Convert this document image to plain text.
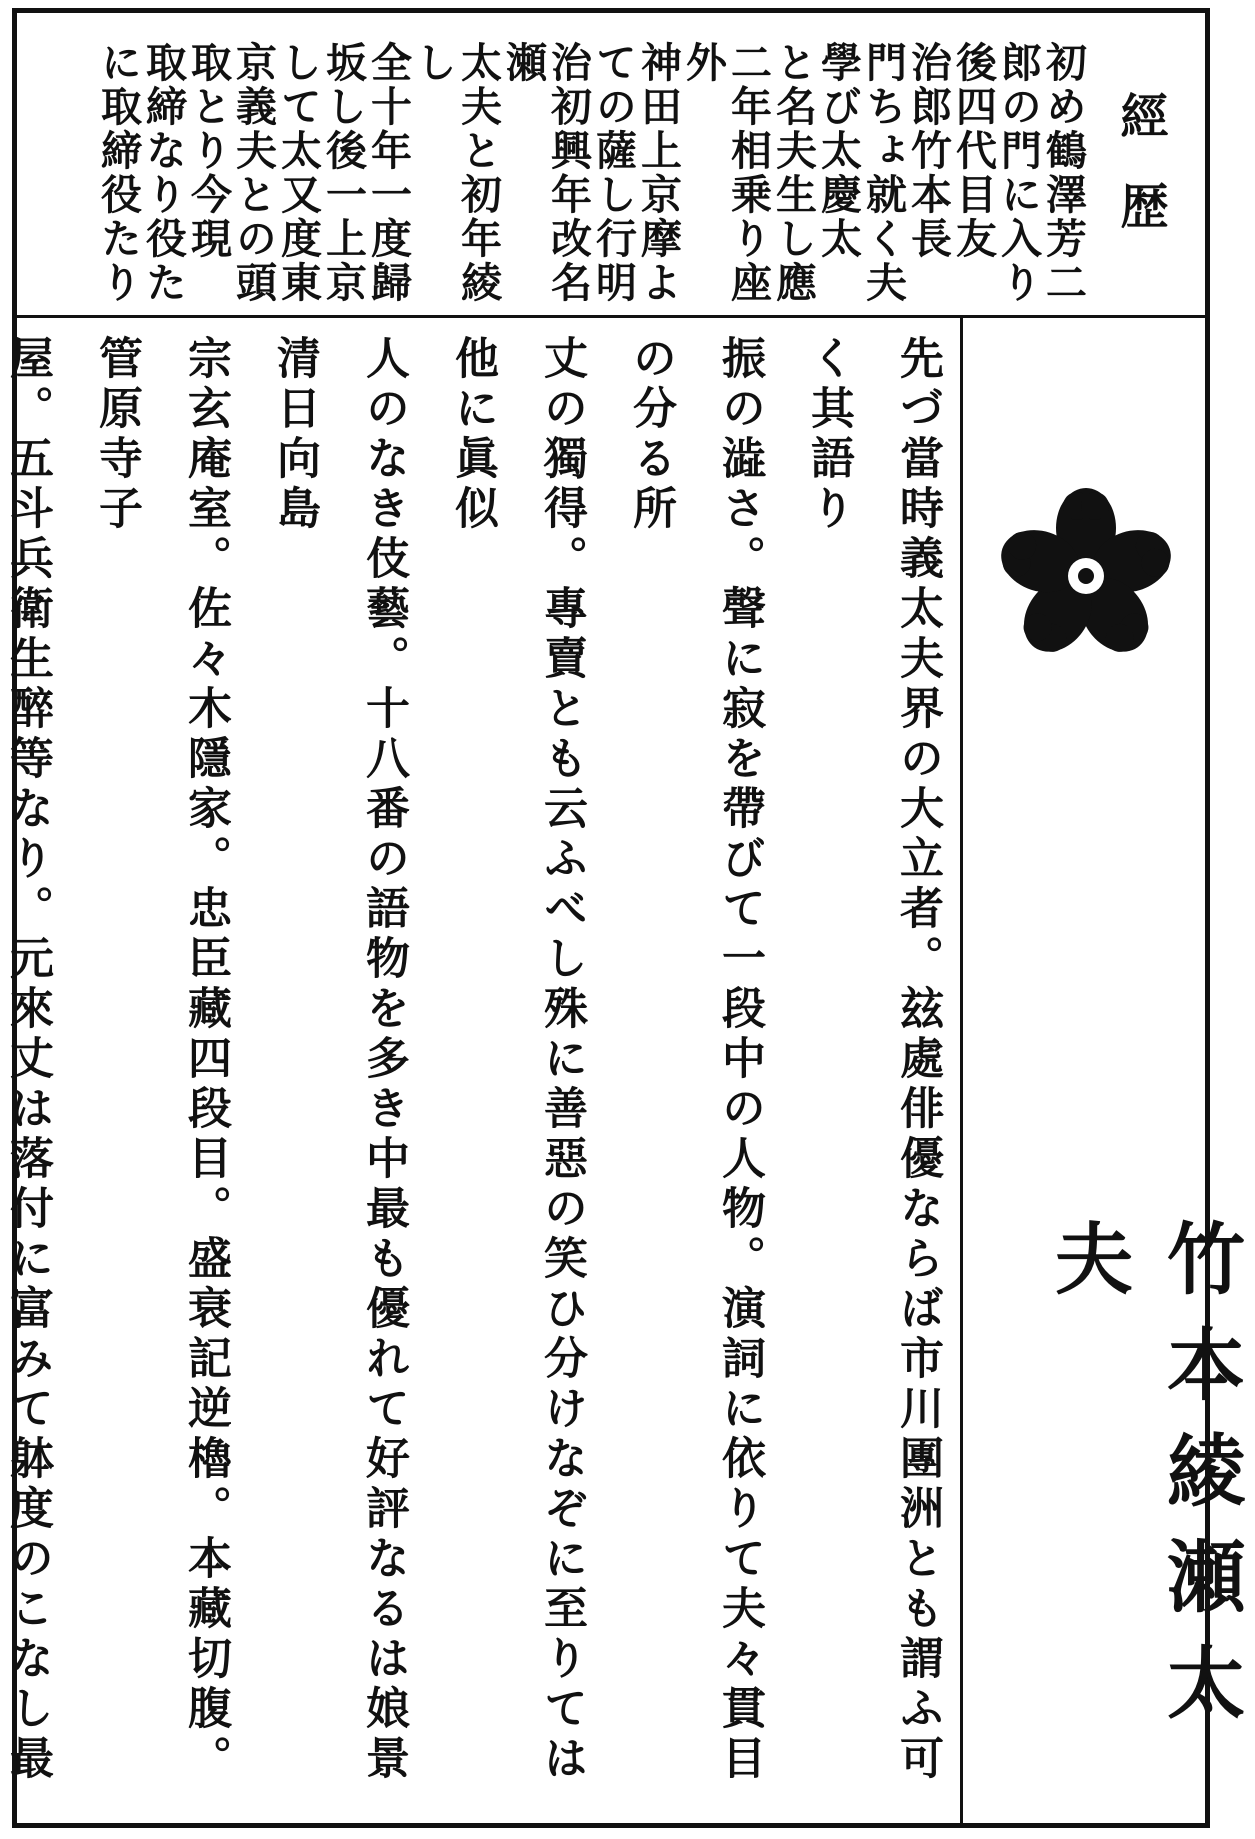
經歴
初め鶴澤芳二
郎の門に入り
後四代目友
治郎竹本長
門ちょ就く夫
學び太慶太
と名夫生し應
二年相乗り座外
神田上京摩よ
ての薩し行明
治初興年改名瀬
太夫と初年綾し
全十年一度歸
坂し後一上京
して太又度東
京義夫との頭
取とり今現
取締なり役た
に取締役たり
竹本綾瀬太夫
先づ當時義太夫界の大立者。玆處俳優ならば市川團洲とも謂ふ可く其語り
振の澁さ。聲に寂を帶びて一段中の人物。演詞に依りて夫々貫目の分る所
丈の獨得。專賣とも云ふべし殊に善惡の笑ひ分けなぞに至りては他に眞似
人のなき伎藝。十八番の語物を多き中最も優れて好評なるは娘景清日向島
宗玄庵室。佐々木隱家。忠臣藏四段目。盛衰記逆櫓。本藏切腹。管原寺子
屋。五斗兵衛生醉等なり。元來丈は落付に富みて躰度のこなし最
